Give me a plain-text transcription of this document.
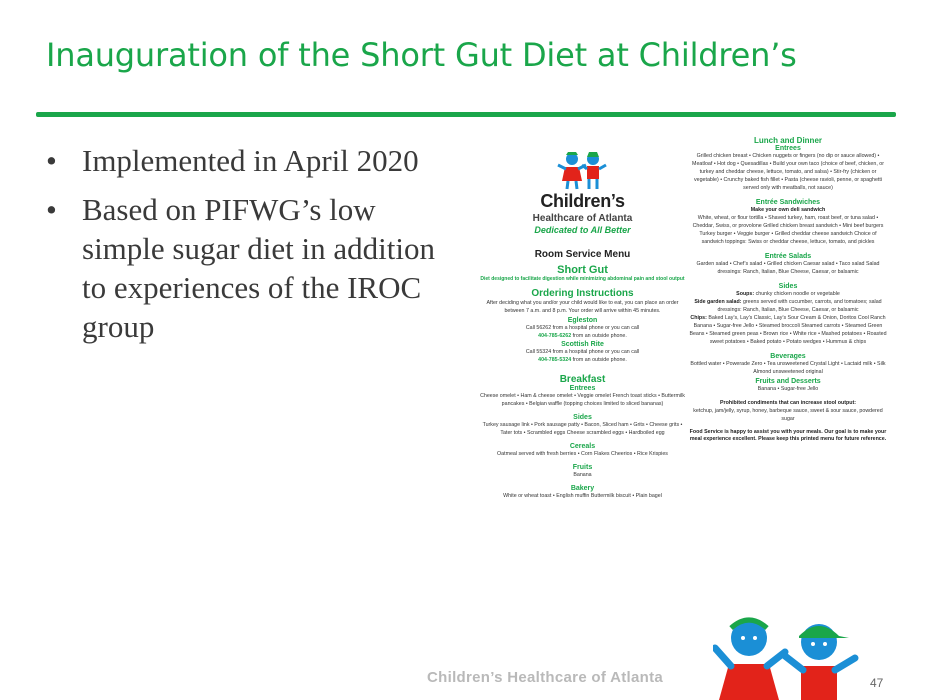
Inauguration of the Short Gut Diet at Children’s
• Implemented in April 2020
• Based on PIFWG’s low simple sugar diet in addition to experiences of the IROC group
Children’s
Healthcare of Atlanta
Dedicated to All Better
Room Service Menu
Short Gut
Diet designed to facilitate digestion while minimizing abdominal pain and stool output
Ordering Instructions
After deciding what you and/or your child would like to eat, you can place an order between 7 a.m. and 8 p.m. Your order will arrive within 45 minutes.
Egleston
Call 56262 from a hospital phone or you can call
404-785-6262 from an outside phone.
Scottish Rite
Call 55324 from a hospital phone or you can call
404-785-5324 from an outside phone.
Breakfast
Entrees
Cheese omelet • Ham & cheese omelet • Veggie omelet French toast sticks • Buttermilk pancakes • Belgian waffle (topping choices limited to sliced bananas)
Sides
Turkey sausage link • Pork sausage patty • Bacon, Sliced ham • Grits • Cheese grits • Tater tots • Scrambled eggs Cheese scrambled eggs • Hardboiled egg
Cereals
Oatmeal served with fresh berries • Corn Flakes Cheerios • Rice Krispies
Fruits
Banana
Bakery
White or wheat toast • English muffin Buttermilk biscuit • Plain bagel
Lunch and Dinner
Entrees
Grilled chicken breast • Chicken nuggets or fingers (no dip or sauce allowed) • Meatloaf • Hot dog • Quesadillas • Build your own taco (choice of beef, chicken, or turkey and cheddar cheese, lettuce, tomato, and salsa) • Stir-fry (chicken or vegetable) • Crunchy baked fish fillet • Pasta (cheese ravioli, penne, or spaghetti served only with meatballs, not sauce)
Entrée Sandwiches
Make your own deli sandwich
White, wheat, or flour tortilla • Shaved turkey, ham, roast beef, or tuna salad • Cheddar, Swiss, or provolone Grilled chicken breast sandwich • Mini beef burgers Turkey burger • Veggie burger • Grilled cheddar cheese sandwich Choice of sandwich toppings: Swiss or cheddar cheese, lettuce, tomato, and pickles
Entrée Salads
Garden salad • Chef’s salad • Grilled chicken Caesar salad • Taco salad Salad dressings: Ranch, Italian, Blue Cheese, Caesar, or balsamic
Sides
Soups: chunky chicken noodle or vegetable
Side garden salad: greens served with cucumber, carrots, and tomatoes; salad dressings: Ranch, Italian, Blue Cheese, Caesar, or balsamic
Chips: Baked Lay’s, Lay’s Classic, Lay’s Sour Cream & Onion, Doritos Cool Ranch
Banana • Sugar-free Jello • Steamed broccoli Steamed carrots • Steamed Green Beans • Steamed green peas • Brown rice • White rice • Mashed potatoes • Roasted sweet potatoes • Baked potato • Potato wedges • Hummus & chips
Beverages
Bottled water • Powerade Zero • Tea unsweetened Crystal Light • Lactaid milk • Silk Almond unsweetened original
Fruits and Desserts
Banana • Sugar-free Jello
Prohibited condiments that can increase stool output:
ketchup, jam/jelly, syrup, honey, barbeque sauce, sweet & sour sauce, powdered sugar
Food Service is happy to assist you with your meals. Our goal is to make your meal experience excellent. Please keep this printed menu for future reference.
Children’s Healthcare of Atlanta	47
